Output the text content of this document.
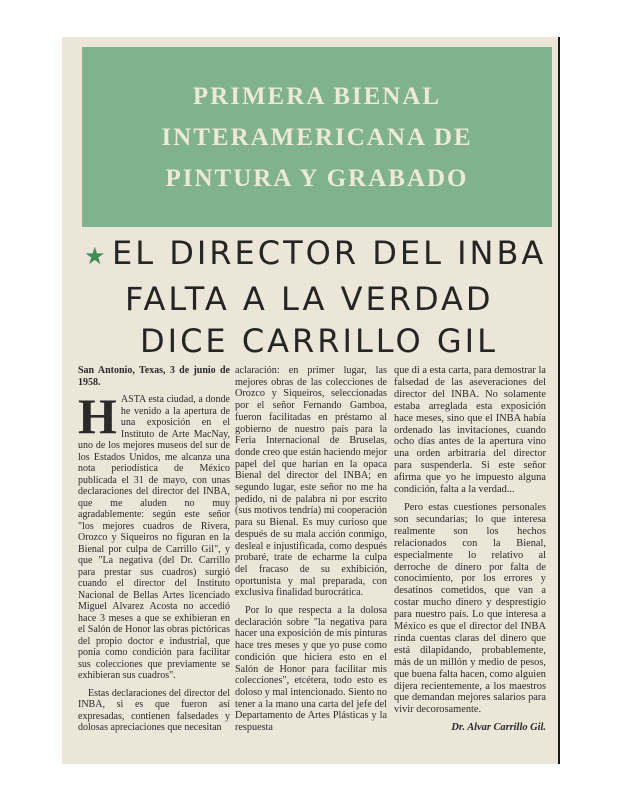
PRIMERA BIENAL
INTERAMERICANA DE
PINTURA Y GRABADO
★ EL DIRECTOR DEL INBA
FALTA A LA VERDAD
DICE CARRILLO GIL

San Antonio, Texas, 3 de junio de 1958.

HASTA esta ciudad, a donde he venido a la apertura de una exposición en el Instituto de Arte MacNay, uno de los mejores museos del sur de los Estados Unidos, me alcanza una nota periodística de México publicada el 31 de mayo, con unas declaraciones del director del INBA, que me aluden no muy agradablemente: según este señor "los mejores cuadros de Rivera, Orozco y Siqueiros no figuran en la Bienal por culpa de Carrillo Gil", y que "La negativa (del Dr. Carrillo para prestar sus cuadros) surgió cuando el director del Instituto Nacional de Bellas Artes licenciado Miguel Alvarez Acosta no accedió hace 3 meses a que se exhibieran en el Salón de Honor las obras pictóricas del propio doctor e industrial, que ponía como condición para facilitar sus colecciones que previamente se exhibieran sus cuadros".

Estas declaraciones del director del INBA, si es que fueron así expresadas, contienen falsedades y dolosas apreciaciones que necesitan

aclaración: en primer lugar, las mejores obras de las colecciones de Orozco y Siqueiros, seleccionadas por el señor Fernando Gamboa, fueron facilitadas en préstamo al gobierno de nuestro país para la Feria Internacional de Bruselas, donde creo que están haciendo mejor papel del que harían en la opaca Bienal del director del INBA; en segundo lugar, este señor no me ha pedido, ni de palabra ni por escrito (sus motivos tendría) mi cooperación para su Bienal. Es muy curioso que después de su mala acción conmigo, desleal e injustificada, como después probaré, trate de echarme la culpa del fracaso de su exhibición, oportunista y mal preparada, con exclusiva finalidad burocrática.

Por lo que respecta a la dolosa declaración sobre "la negativa para hacer una exposición de mis pinturas hace tres meses y que yo puse como condición que hiciera esto en el Salón de Honor para facilitar mis colecciones", etcétera, todo esto es doloso y mal intencionado. Siento no tener a la mano una carta del jefe del Departamento de Artes Plásticas y la respuesta

que di a esta carta, para demostrar la falsedad de las aseveraciones del director del INBA. No solamente estaba arreglada esta exposición hace meses, sino que el INBA había ordenado las invitaciones, cuando ocho días antes de la apertura vino una orden arbitraria del director para suspenderla. Si este señor afirma que yo he impuesto alguna condición, falta a la verdad...

Pero estas cuestiones personales son secundarias; lo que interesa realmente son los hechos relacionados con la Bienal, especialmente lo relativo al derroche de dinero por falta de conocimiento, por los errores y desatinos cometidos, que van a costar mucho dinero y desprestigio para nuestro país. Lo que interesa a México es que el director del INBA rinda cuentas claras del dinero que está dilapidando, probablemente, más de un millón y medio de pesos, que buena falta hacen, como alguien dijera recientemente, a los maestros que demandan mejores salarios para vivir decorosamente.

Dr. Alvar Carrillo Gil.
